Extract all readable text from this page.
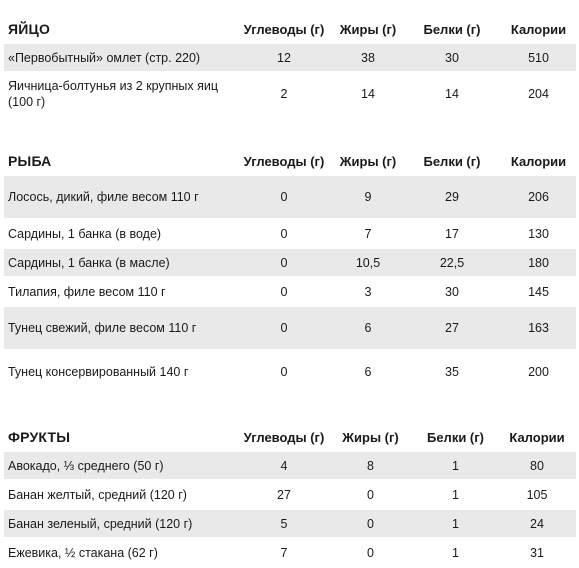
ЯЙЦО	Углеводы (г)	Жиры (г)	Белки (г)	Калории
«Первобытный» омлет (стр. 220)	12	38	30	510
Яичница-болтунья из 2 крупных яиц (100 г)	2	14	14	204
РЫБА	Углеводы (г)	Жиры (г)	Белки (г)	Калории
Лосось, дикий, филе весом 110 г	0	9	29	206
Сардины, 1 банка (в воде)	0	7	17	130
Сардины, 1 банка (в масле)	0	10,5	22,5	180
Тилапия, филе весом 110 г	0	3	30	145
Тунец свежий, филе весом 110 г	0	6	27	163
Тунец консервированный 140 г	0	6	35	200
ФРУКТЫ	Углеводы (г)	Жиры (г)	Белки (г)	Калории
Авокадо, ⅓ среднего (50 г)	4	8	1	80
Банан желтый, средний (120 г)	27	0	1	105
Банан зеленый, средний (120 г)	5	0	1	24
Ежевика, ½ стакана (62 г)	7	0	1	31
